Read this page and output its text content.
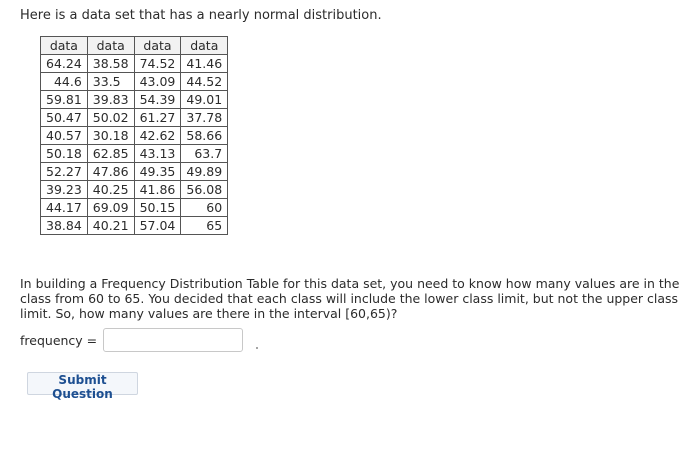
Here is a data set that has a nearly normal distribution.
data	data	data	data
64.24	38.58	74.52	41.46
44.6	33.5	43.09	44.52
59.81	39.83	54.39	49.01
50.47	50.02	61.27	37.78
40.57	30.18	42.62	58.66
50.18	62.85	43.13	63.7
52.27	47.86	49.35	49.89
39.23	40.25	41.86	56.08
44.17	69.09	50.15	60
38.84	40.21	57.04	65
In building a Frequency Distribution Table for this data set, you need to know how many values are in the class from 60 to 65. You decided that each class will include the lower class limit, but not the upper class limit. So, how many values are there in the interval [60,65)?
frequency =
Submit Question
